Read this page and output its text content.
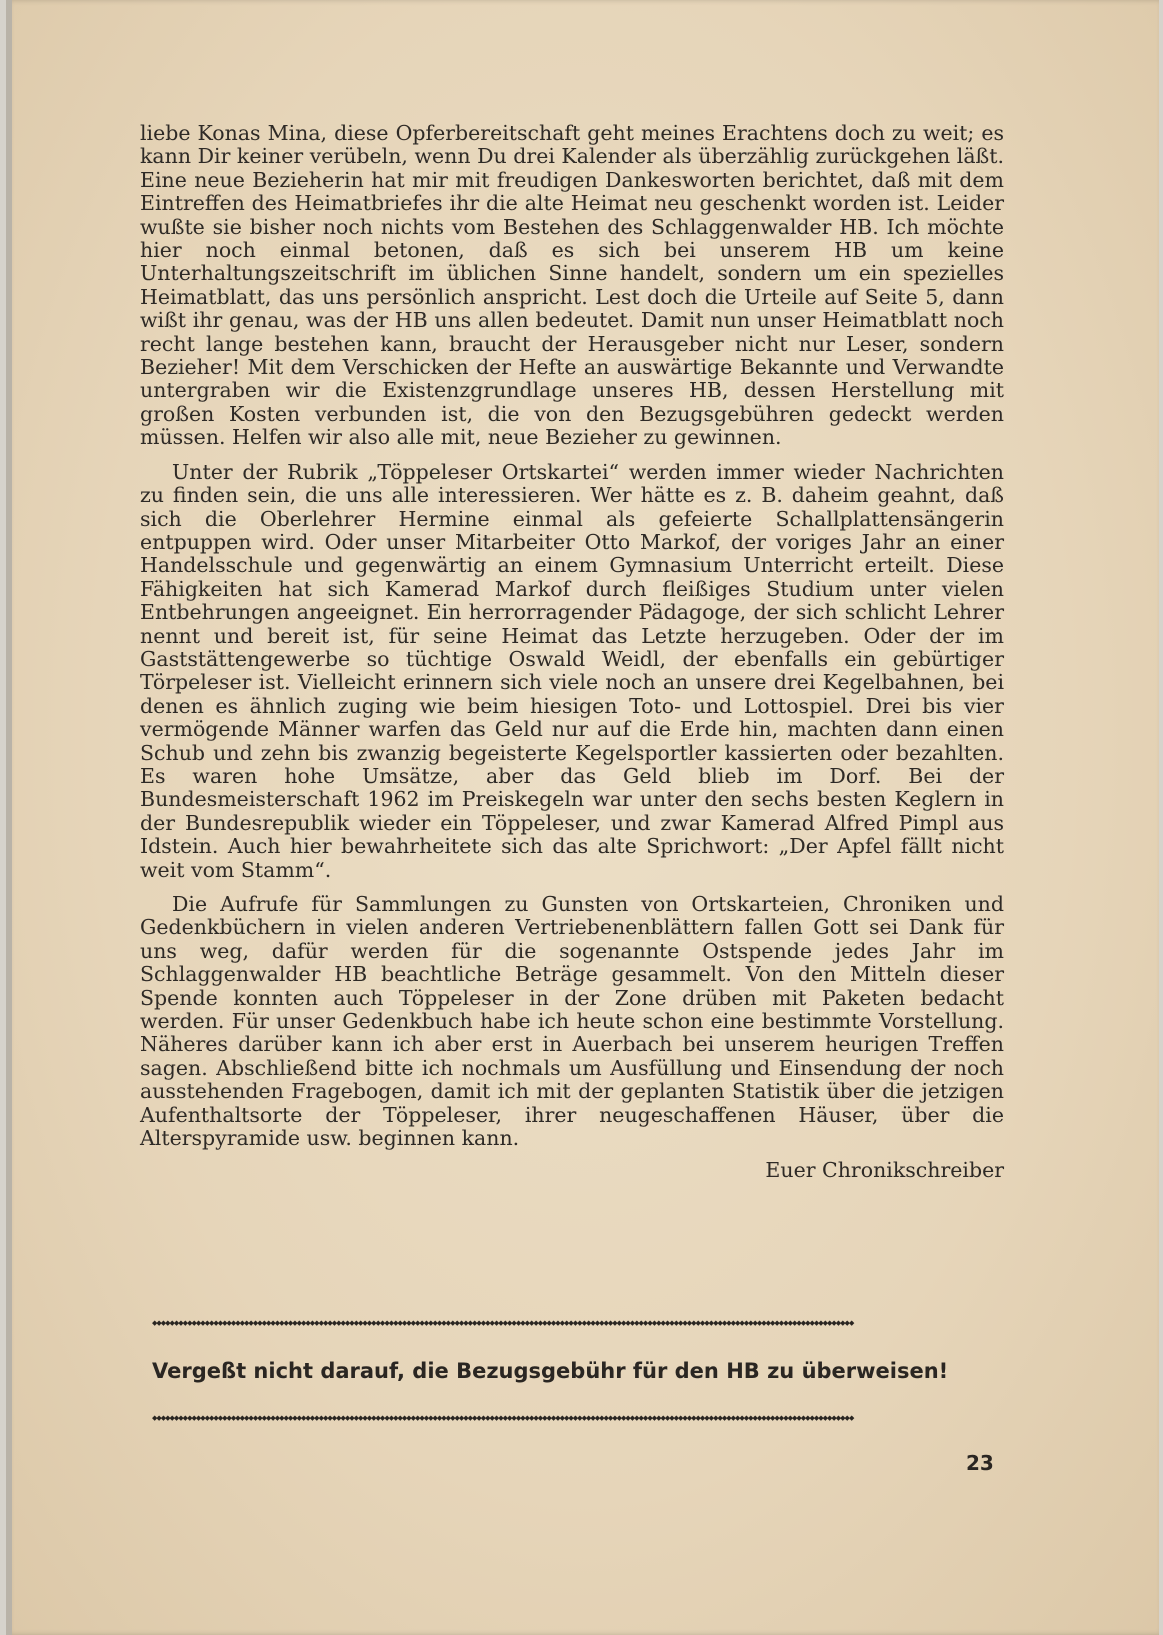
liebe Konas Mina, diese Opferbereitschaft geht meines Erachtens doch zu weit; es kann Dir keiner verübeln, wenn Du drei Kalender als überzählig zurückgehen läßt. Eine neue Bezieherin hat mir mit freudigen Dankesworten berichtet, daß mit dem Eintreffen des Heimatbriefes ihr die alte Heimat neu geschenkt worden ist. Leider wußte sie bisher noch nichts vom Bestehen des Schlaggenwalder HB. Ich möchte hier noch einmal betonen, daß es sich bei unserem HB um keine Unterhaltungszeitschrift im üblichen Sinne handelt, sondern um ein spezielles Heimatblatt, das uns persönlich anspricht. Lest doch die Urteile auf Seite 5, dann wißt ihr genau, was der HB uns allen bedeutet. Damit nun unser Heimatblatt noch recht lange bestehen kann, braucht der Herausgeber nicht nur Leser, sondern Bezieher! Mit dem Verschicken der Hefte an auswärtige Bekannte und Verwandte untergraben wir die Existenzgrundlage unseres HB, dessen Herstellung mit großen Kosten verbunden ist, die von den Bezugsgebühren gedeckt werden müssen. Helfen wir also alle mit, neue Bezieher zu gewinnen.

Unter der Rubrik „Töppeleser Ortskartei“ werden immer wieder Nachrichten zu finden sein, die uns alle interessieren. Wer hätte es z. B. daheim geahnt, daß sich die Oberlehrer Hermine einmal als gefeierte Schallplattensängerin entpuppen wird. Oder unser Mitarbeiter Otto Markof, der voriges Jahr an einer Handelsschule und gegenwärtig an einem Gymnasium Unterricht erteilt. Diese Fähigkeiten hat sich Kamerad Markof durch fleißiges Studium unter vielen Entbehrungen angeeignet. Ein herrorragender Pädagoge, der sich schlicht Lehrer nennt und bereit ist, für seine Heimat das Letzte herzugeben. Oder der im Gaststättengewerbe so tüchtige Oswald Weidl, der ebenfalls ein gebürtiger Törpeleser ist. Vielleicht erinnern sich viele noch an unsere drei Kegelbahnen, bei denen es ähnlich zuging wie beim hiesigen Toto- und Lottospiel. Drei bis vier vermögende Männer warfen das Geld nur auf die Erde hin, machten dann einen Schub und zehn bis zwanzig begeisterte Kegelsportler kassierten oder bezahlten. Es waren hohe Umsätze, aber das Geld blieb im Dorf. Bei der Bundesmeisterschaft 1962 im Preiskegeln war unter den sechs besten Keglern in der Bundesrepublik wieder ein Töppeleser, und zwar Kamerad Alfred Pimpl aus Idstein. Auch hier bewahrheitete sich das alte Sprichwort: „Der Apfel fällt nicht weit vom Stamm“.

Die Aufrufe für Sammlungen zu Gunsten von Ortskarteien, Chroniken und Gedenkbüchern in vielen anderen Vertriebenenblättern fallen Gott sei Dank für uns weg, dafür werden für die sogenannte Ostspende jedes Jahr im Schlaggenwalder HB beachtliche Beträge gesammelt. Von den Mitteln dieser Spende konnten auch Töppeleser in der Zone drüben mit Paketen bedacht werden. Für unser Gedenkbuch habe ich heute schon eine bestimmte Vorstellung. Näheres darüber kann ich aber erst in Auerbach bei unserem heurigen Treffen sagen. Abschließend bitte ich nochmals um Ausfüllung und Einsendung der noch ausstehenden Fragebogen, damit ich mit der geplanten Statistik über die jetzigen Aufenthaltsorte der Töppeleser, ihrer neugeschaffenen Häuser, über die Alterspyramide usw. beginnen kann.

Euer Chronikschreiber
◆◆◆◆◆◆◆◆◆◆◆◆◆◆◆◆◆◆◆◆◆◆◆◆◆◆◆◆◆◆◆◆◆◆◆◆◆◆◆◆◆◆◆◆◆◆◆◆◆◆◆◆◆◆◆◆◆◆◆◆◆◆◆◆◆◆◆◆◆◆◆◆◆◆◆◆◆◆◆◆◆◆◆◆◆◆◆◆◆◆◆◆◆◆◆◆◆◆◆◆◆◆◆◆◆◆◆◆◆◆◆◆◆◆◆◆◆◆◆◆◆◆◆◆◆◆◆◆◆◆◆◆◆◆◆◆◆◆◆◆◆◆◆◆◆◆◆◆◆◆◆◆◆◆◆◆◆◆◆◆
Vergeßt nicht darauf, die Bezugsgebühr für den HB zu überweisen!
◆◆◆◆◆◆◆◆◆◆◆◆◆◆◆◆◆◆◆◆◆◆◆◆◆◆◆◆◆◆◆◆◆◆◆◆◆◆◆◆◆◆◆◆◆◆◆◆◆◆◆◆◆◆◆◆◆◆◆◆◆◆◆◆◆◆◆◆◆◆◆◆◆◆◆◆◆◆◆◆◆◆◆◆◆◆◆◆◆◆◆◆◆◆◆◆◆◆◆◆◆◆◆◆◆◆◆◆◆◆◆◆◆◆◆◆◆◆◆◆◆◆◆◆◆◆◆◆◆◆◆◆◆◆◆◆◆◆◆◆◆◆◆◆◆◆◆◆◆◆◆◆◆◆◆◆◆◆◆◆
23
